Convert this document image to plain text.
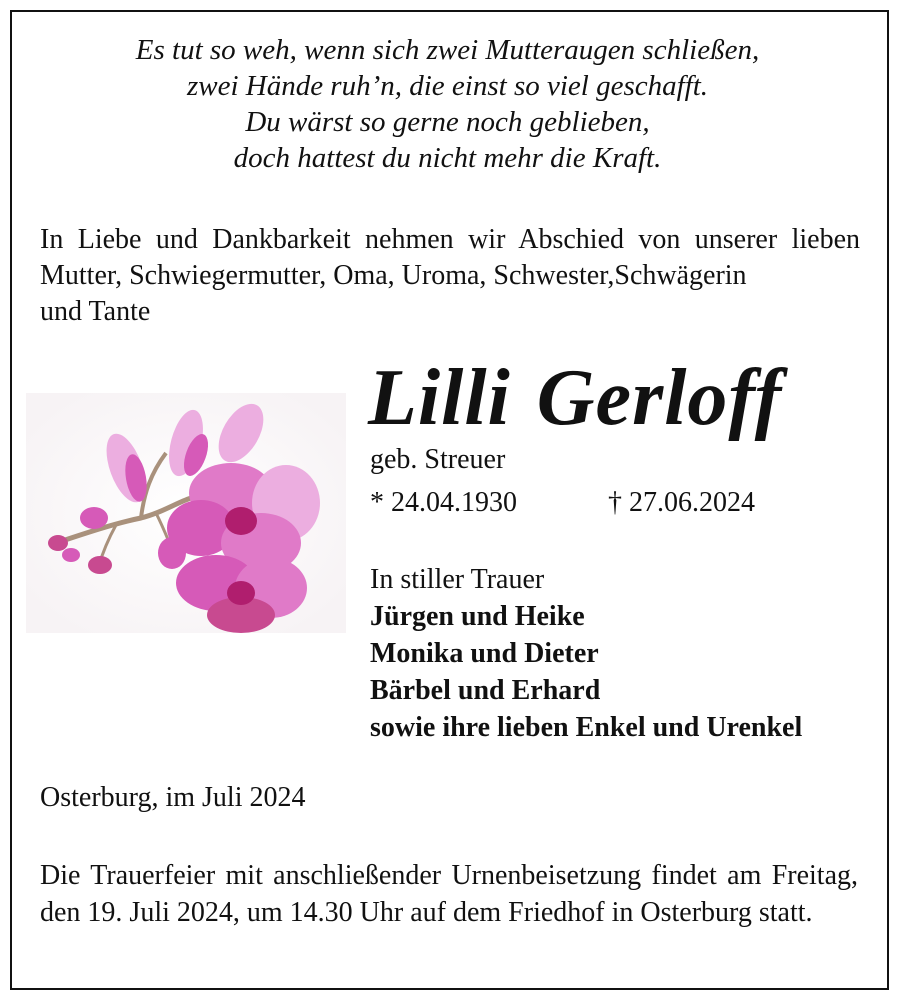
Es tut so weh, wenn sich zwei Mutteraugen schließen,
zwei Hände ruh’n, die einst so viel geschafft.
Du wärst so gerne noch geblieben,
doch hattest du nicht mehr die Kraft.
In Liebe und Dankbarkeit nehmen wir Abschied von unserer lieben Mutter, Schwiegermutter, Oma, Uroma, Schwester,Schwägerin
und Tante
Lilli Gerloff
geb. Streuer
* 24.04.1930	† 27.06.2024
In stiller Trauer
Jürgen und Heike
Monika und Dieter
Bärbel und Erhard
sowie ihre lieben Enkel und Urenkel
Osterburg, im Juli 2024
Die Trauerfeier mit anschließender Urnenbeisetzung findet am Freitag, den 19. Juli 2024, um 14.30 Uhr auf dem Friedhof in Osterburg statt.
